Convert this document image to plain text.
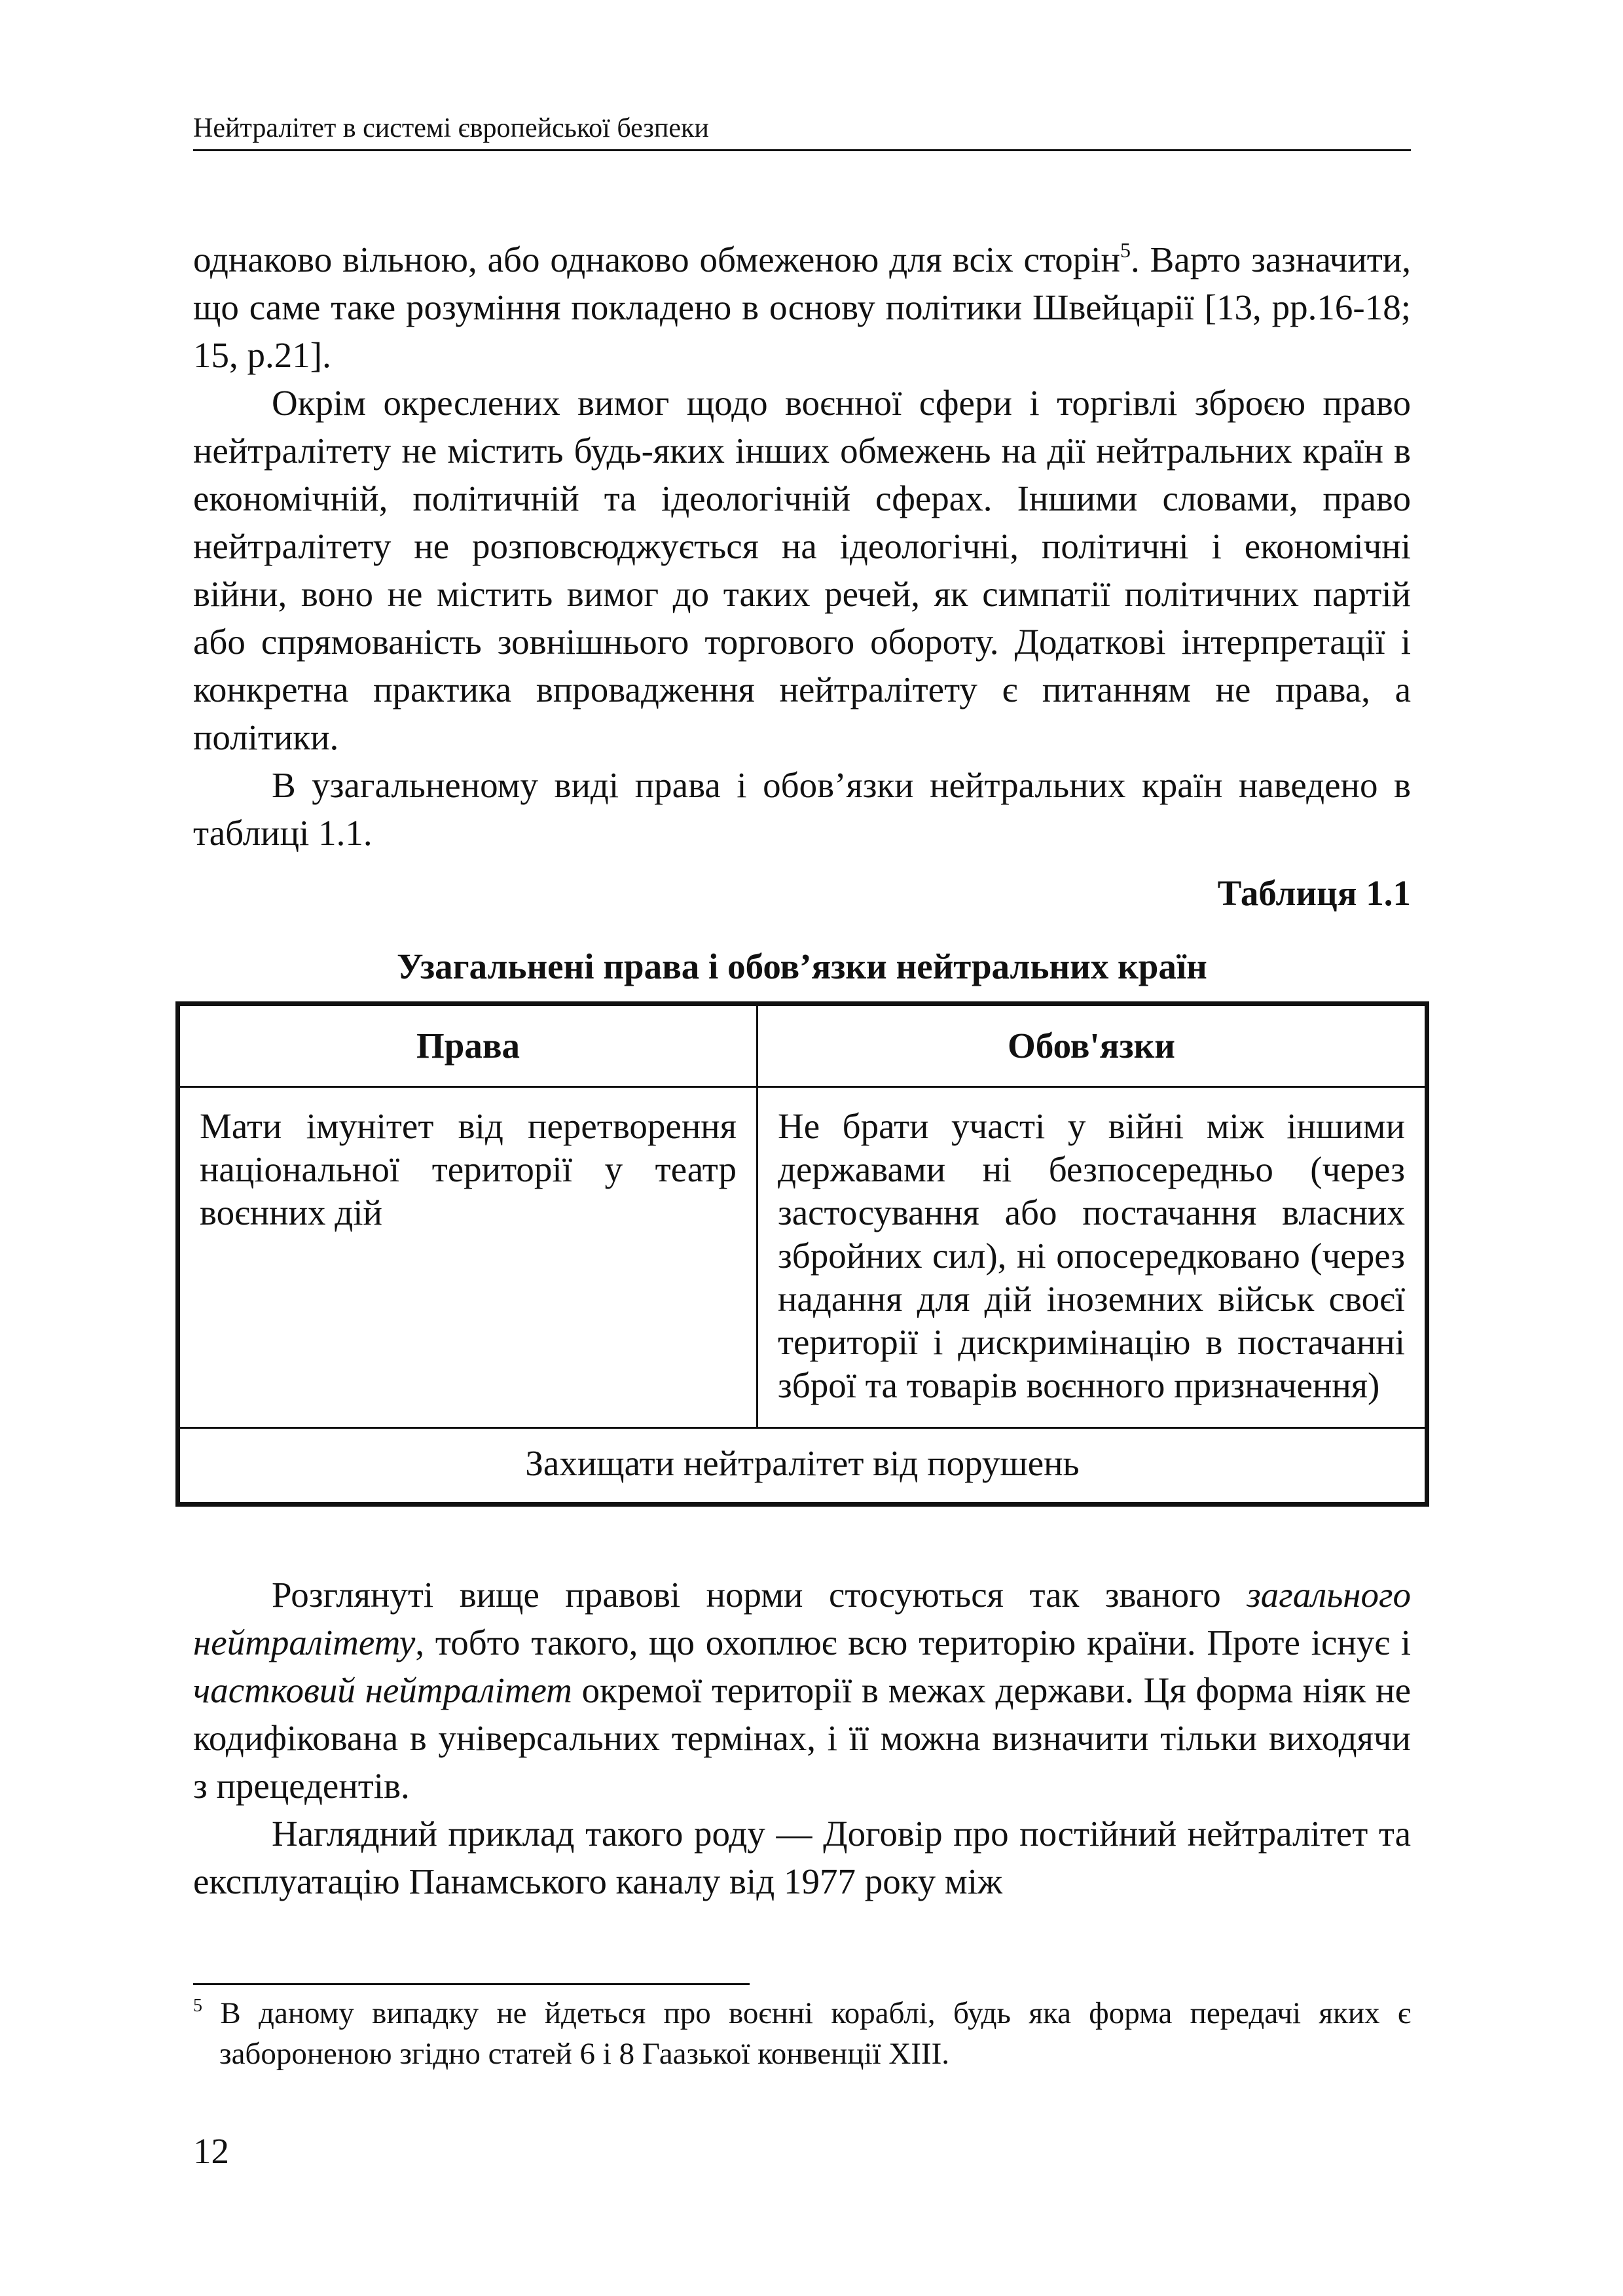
Нейтралітет в системі європейської безпеки

однаково вільною, або однаково обмеженою для всіх сторін$^5$. Варто зазначити, що саме таке розуміння покладено в основу політики Швейцарії [13, pp.16-18; 15, p.21].

Окрім окреслених вимог щодо воєнної сфери і торгівлі зброєю право нейтралітету не містить будь-яких інших обмежень на дії нейтральних країн в економічній, політичній та ідеологічній сферах. Іншими словами, право нейтралітету не розповсюджується на ідеологічні, політичні і економічні війни, воно не містить вимог до таких речей, як симпатії політичних партій або спрямованість зовнішнього торгового обороту. Додаткові інтерпретації і конкретна практика впровадження нейтралітету є питанням не права, а політики.

В узагальненому виді права і обов’язки нейтральних країн наведено в таблиці 1.1.

Таблиця 1.1
Узагальнені права і обов’язки нейтральних країн
Права	Обов'язки
Мати імунітет від перетворення національної території у театр воєнних дій	Не брати участі у війні між іншими державами ні безпосередньо (через застосування або постачання власних збройних сил), ні опосередковано (через надання для дій іноземних військ своєї території і дискримінацію в постачанні зброї та товарів воєнного призначення)
Захищати нейтралітет від порушень	

Розглянуті вище правові норми стосуються так званого загального нейтралітету, тобто такого, що охоплює всю територію країни. Проте існує і частковий нейтралітет окремої території в межах держави. Ця форма ніяк не кодифікована в універсальних термінах, і її можна визначити тільки виходячи з прецедентів.

Наглядний приклад такого роду — Договір про постійний нейтралітет та експлуатацію Панамського каналу від 1977 року між

$^5$ В даному випадку не йдеться про воєнні кораблі, будь яка форма передачі яких є забороненою згідно статей 6 і 8 Гаазької конвенції XIII.

12
